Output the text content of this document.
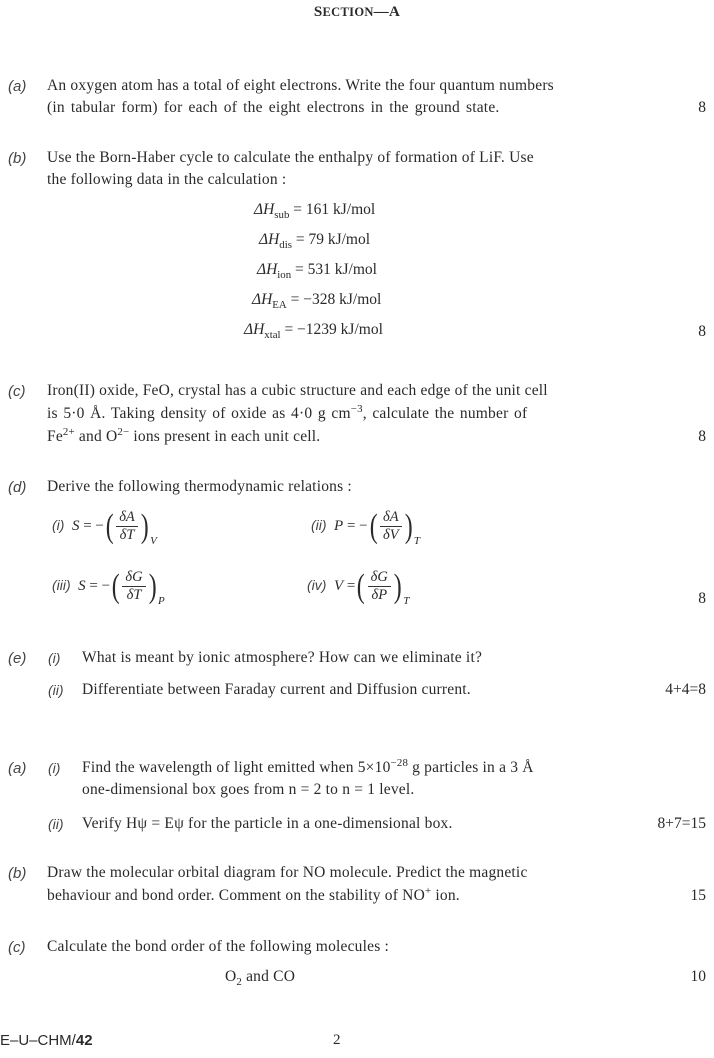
SECTION—A
(a) An oxygen atom has a total of eight electrons. Write the four quantum numbers
(in tabular form) for each of the eight electrons in the ground state.	8
(b) Use the Born-Haber cycle to calculate the enthalpy of formation of LiF. Use
the following data in the calculation :
$\Delta H_{sub} = 161$ kJ/mol
$\Delta H_{dis} = 79$ kJ/mol
$\Delta H_{ion} = 531$ kJ/mol
$\Delta H_{EA} = -328$ kJ/mol
$\Delta H_{xtal} = -1239$ kJ/mol	8
(c) Iron(II) oxide, FeO, crystal has a cubic structure and each edge of the unit cell
is 5·0 Å. Taking density of oxide as 4·0 g $cm^{-3}$, calculate the number of
$Fe^{2+}$ and $O^{2-}$ ions present in each unit cell.	8
(d) Derive the following thermodynamic relations :
(i) S = −( $\frac{\delta A}{\delta T}$ ) $_V$
(ii) P = −( $\frac{\delta A}{\delta V}$ ) $_T$
(iii) S = −( $\frac{\delta G}{\delta T}$ ) $_P$
(iv) V =( $\frac{\delta G}{\delta P}$ ) $_T$	8
(e) (i) What is meant by ionic atmosphere? How can we eliminate it?
(ii) Differentiate between Faraday current and Diffusion current.	4+4=8
(a) (i) Find the wavelength of light emitted when $5\times 10^{-28}$ g particles in a 3 Å
one-dimensional box goes from n = 2 to n = 1 level.
(ii) Verify Hψ = Eψ for the particle in a one-dimensional box.	8+7=15
(b) Draw the molecular orbital diagram for NO molecule. Predict the magnetic
behaviour and bond order. Comment on the stability of NO+ ion.	15
(c) Calculate the bond order of the following molecules :
$O_2$ and CO	10
E–U–CHM/42	2
